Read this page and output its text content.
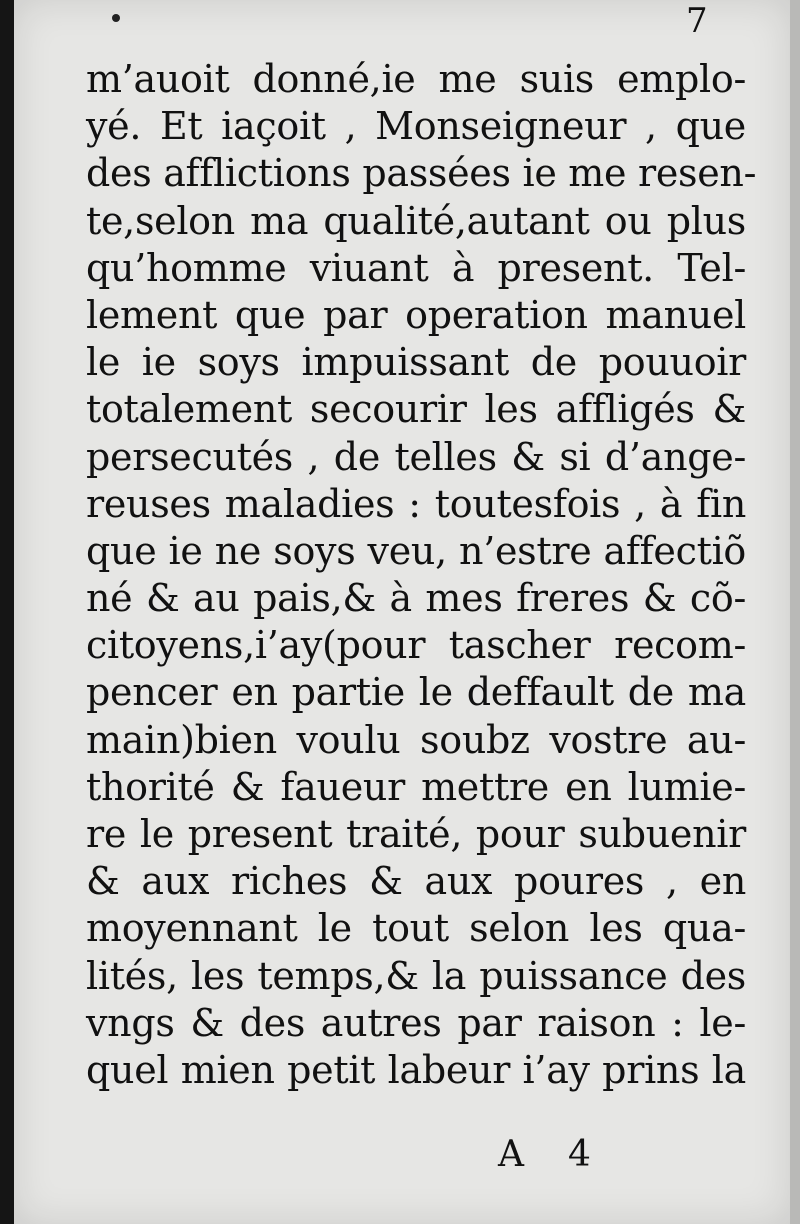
7
m’auoit donné,ie me suis emplo-
yé. Et iaçoit , Monseigneur , que
des afflictions passées ie me resen-
te,selon ma qualité,autant ou plus
qu’homme viuant à present. Tel-
lement que par operation manuel
le ie soys impuissant de pouuoir
totalement secourir les affligés &
persecutés , de telles & si d’ange-
reuses maladies : toutesfois , à fin
que ie ne soys veu, n’estre affectiõ
né & au pais,& à mes freres & cõ-
citoyens,i’ay(pour tascher recom-
pencer en partie le deffault de ma
main)bien voulu soubz vostre au-
thorité & faueur mettre en lumie-
re le present traité, pour subuenir
& aux riches & aux poures , en
moyennant le tout selon les qua-
lités, les temps,& la puissance des
vngs & des autres par raison : le-
quel mien petit labeur i’ay prins la
A 4
